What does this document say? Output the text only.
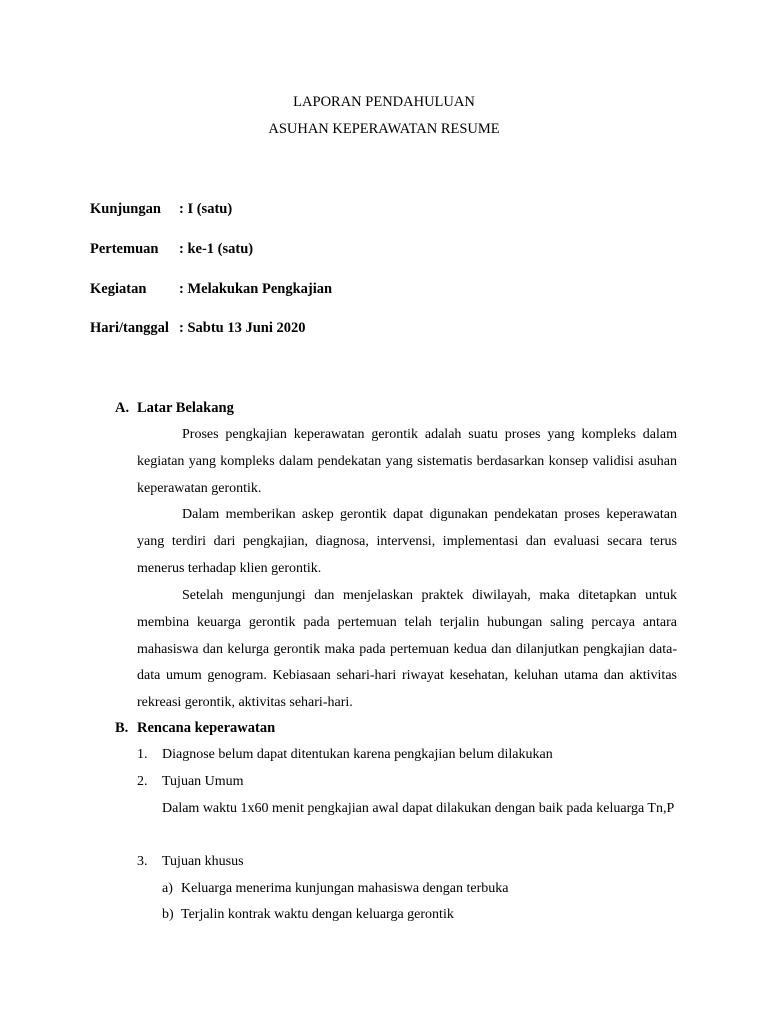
LAPORAN PENDAHULUAN
ASUHAN KEPERAWATAN RESUME
Kunjungan : I (satu)
Pertemuan : ke-1 (satu)
Kegiatan : Melakukan Pengkajian
Hari/tanggal : Sabtu 13 Juni 2020
A. Latar Belakang

Proses pengkajian keperawatan gerontik adalah suatu proses yang kompleks dalam kegiatan yang kompleks dalam pendekatan yang sistematis berdasarkan konsep validisi asuhan keperawatan gerontik.

Dalam memberikan askep gerontik dapat digunakan pendekatan proses keperawatan yang terdiri dari pengkajian, diagnosa, intervensi, implementasi dan evaluasi secara terus menerus terhadap klien gerontik.

Setelah mengunjungi dan menjelaskan praktek diwilayah, maka ditetapkan untuk membina keuarga gerontik pada pertemuan telah terjalin hubungan saling percaya antara mahasiswa dan kelurga gerontik maka pada pertemuan kedua dan dilanjutkan pengkajian data-data umum genogram. Kebiasaan sehari-hari riwayat kesehatan, keluhan utama dan aktivitas rekreasi gerontik, aktivitas sehari-hari.

B. Rencana keperawatan
1. Diagnose belum dapat ditentukan karena pengkajian belum dilakukan
2. Tujuan Umum

Dalam waktu 1x60 menit pengkajian awal dapat dilakukan dengan baik pada keluarga Tn,P

3. Tujuan khusus
a) Keluarga menerima kunjungan mahasiswa dengan terbuka
b) Terjalin kontrak waktu dengan keluarga gerontik
